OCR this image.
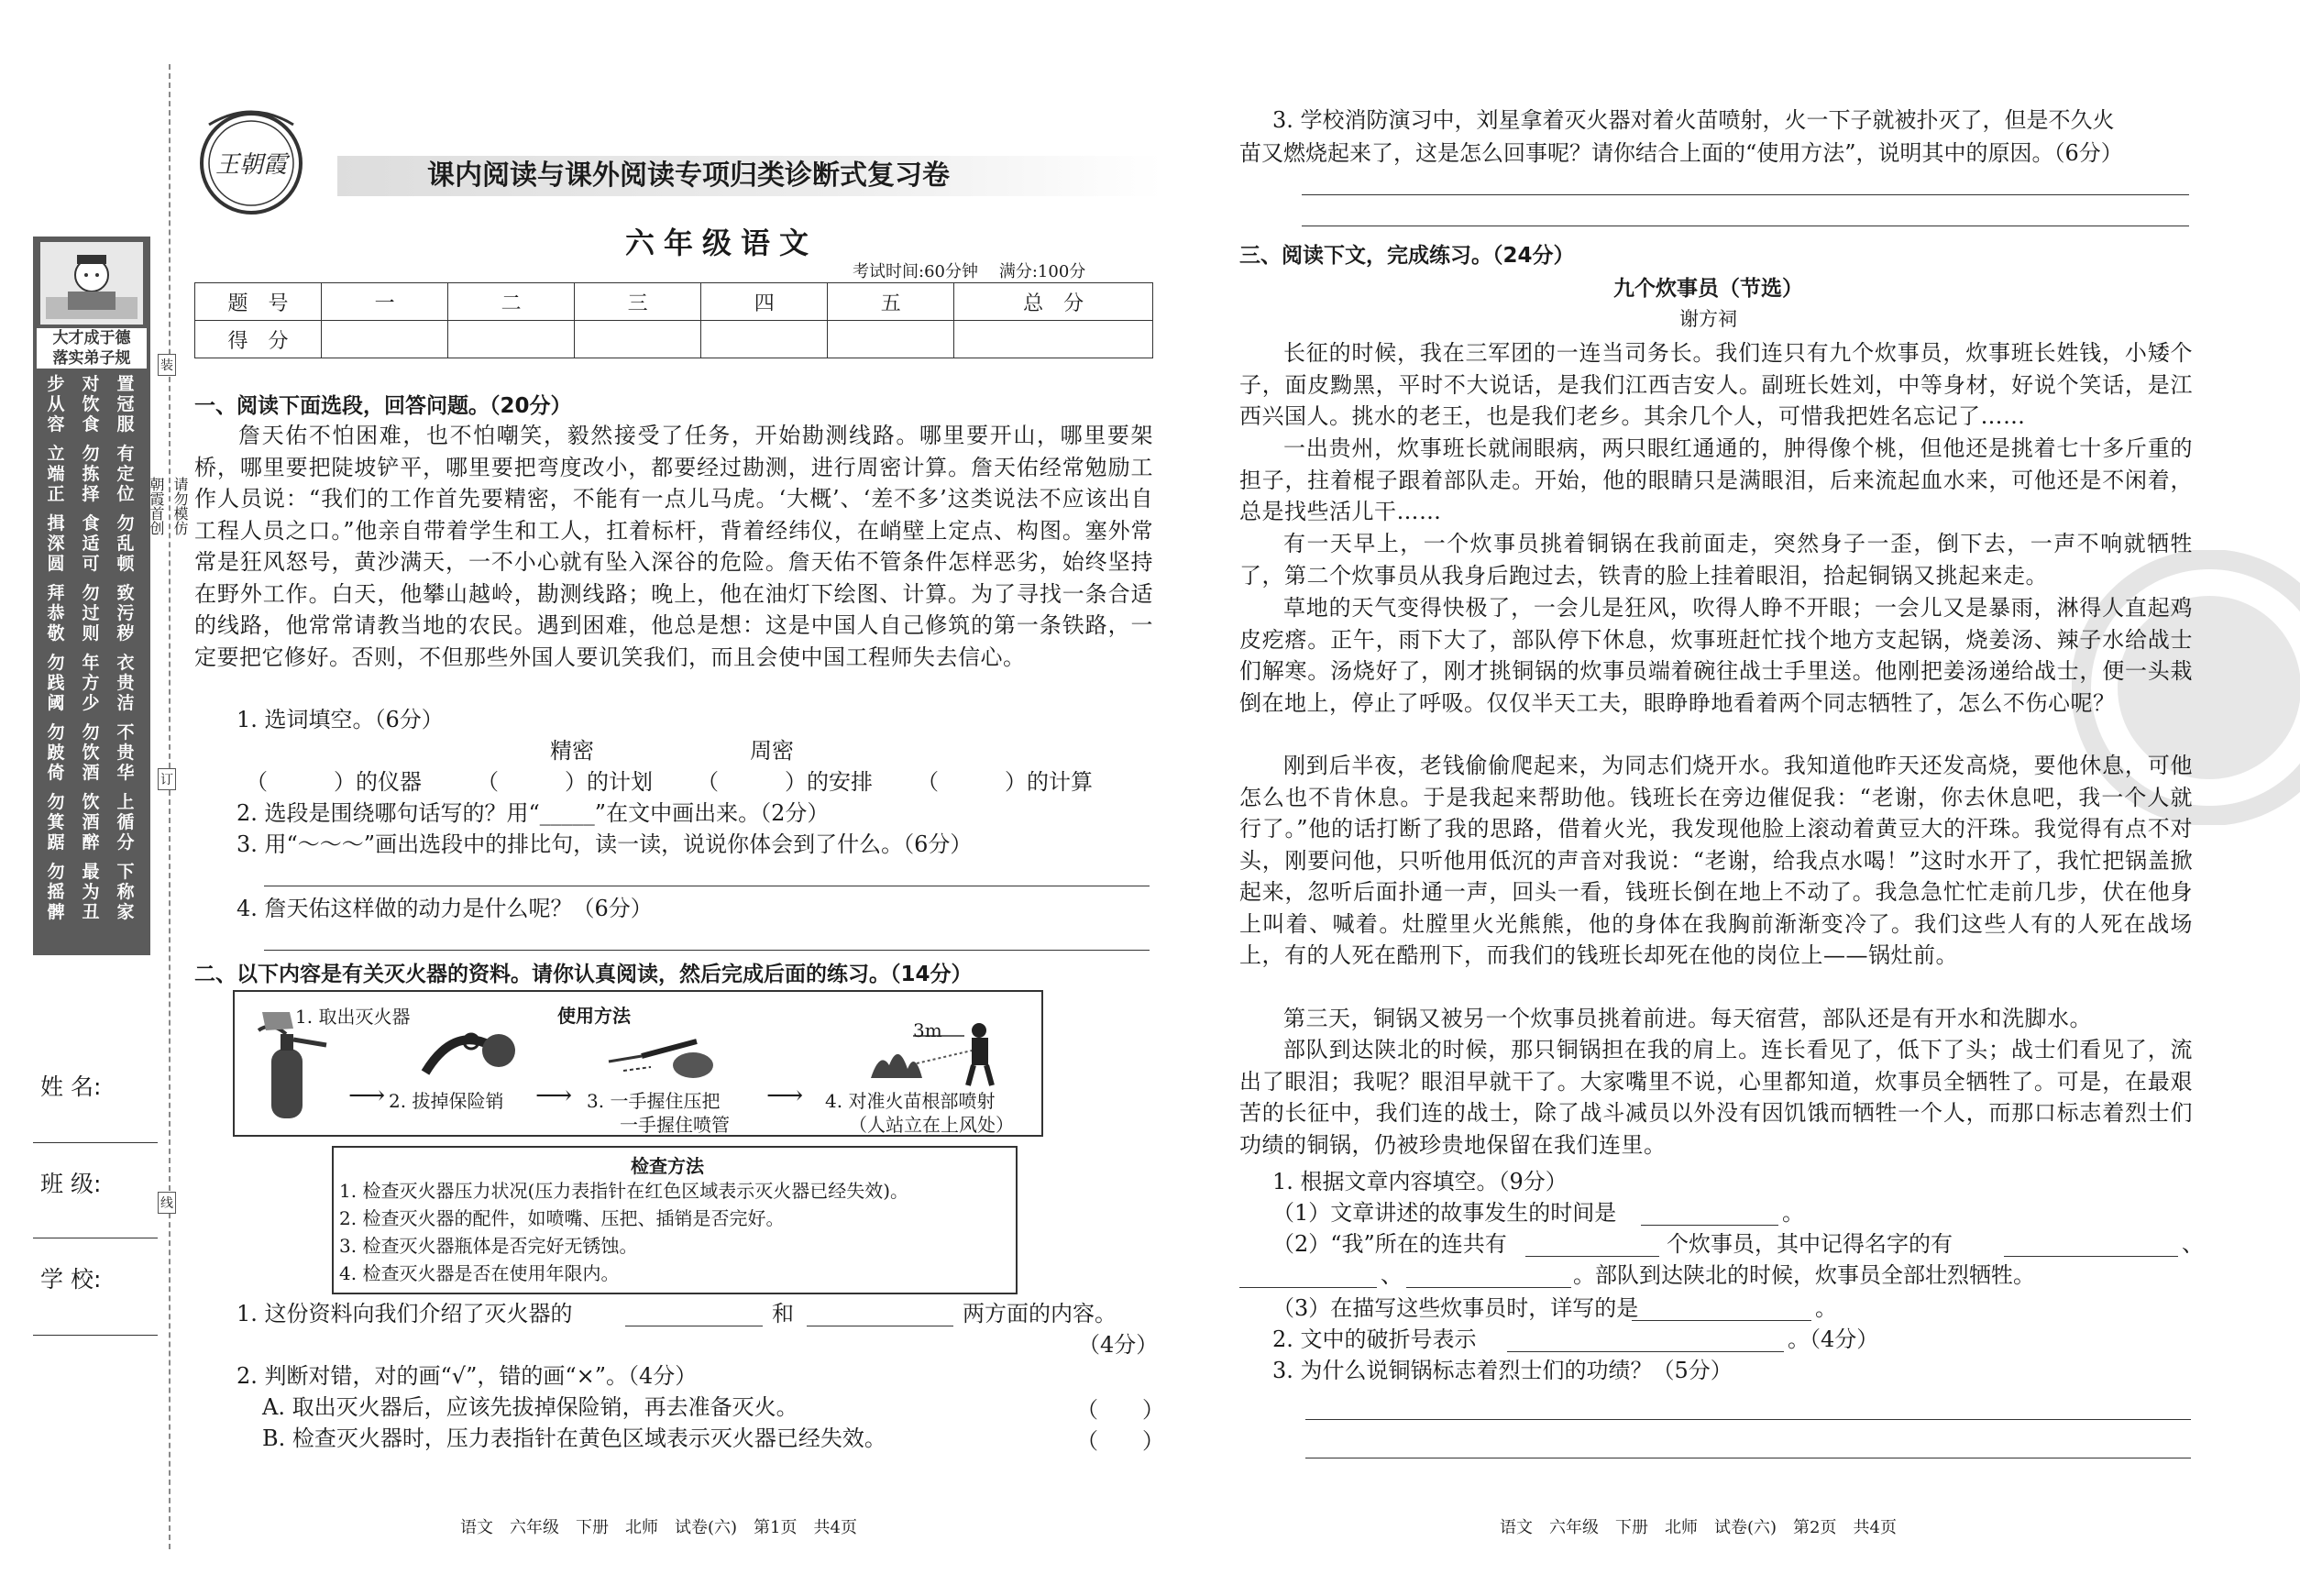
大才成于德
落实弟子规
步
从
容
对
饮
食
置
冠
服
立
端
正
勿
拣
择
有
定
位
揖
深
圆
食
适
可
勿
乱
顿
拜
恭
敬
勿
过
则
致
污
秽
勿
践
阈
年
方
少
衣
贵
洁
勿
跛
倚
勿
饮
酒
不
贵
华
勿
箕
踞
饮
酒
醉
上
循
分
勿
摇
髀
最
为
丑
下
称
家
朝霞首创 请勿模仿
装
订
线
姓 名:
班 级:
学 校:
王朝霞	课内阅读与课外阅读专项归类诊断式复习卷
六年级语文
考试时间:60分钟    满分:100分
题　号	一	二	三	四	五	总　分
得　分						
一、阅读下面选段，回答问题。（20分）
詹天佑不怕困难，也不怕嘲笑，毅然接受了任务，开始勘测线路。哪里要开山，哪里要架桥，哪里要把陡坡铲平，哪里要把弯度改小，都要经过勘测，进行周密计算。詹天佑经常勉励工作人员说：“我们的工作首先要精密，不能有一点儿马虎。‘大概’、‘差不多’这类说法不应该出自工程人员之口。”他亲自带着学生和工人，扛着标杆，背着经纬仪，在峭壁上定点、构图。塞外常常是狂风怒号，黄沙满天，一不小心就有坠入深谷的危险。詹天佑不管条件怎样恶劣，始终坚持在野外工作。白天，他攀山越岭，勘测线路；晚上，他在油灯下绘图、计算。为了寻找一条合适的线路，他常常请教当地的农民。遇到困难，他总是想：这是中国人自己修筑的第一条铁路，一定要把它修好。否则，不但那些外国人要讥笑我们，而且会使中国工程师失去信心。
1. 选词填空。（6分）
精密	周密
（　　　）的仪器	（　　　）的计划 （　　　）的安排 （　　　）的计算
2. 选段是围绕哪句话写的？用“_____”在文中画出来。（2分）
3. 用“～～～”画出选段中的排比句，读一读，说说你体会到了什么。（6分）
4. 詹天佑这样做的动力是什么呢？（6分）
二、以下内容是有关灭火器的资料。请你认真阅读，然后完成后面的练习。（14分）
使用方法
1. 取出灭火器
⟶ 2. 拔掉保险销 ⟶ 3. 一手握住压把
一手握住喷管
⟶
3m
4. 对准火苗根部喷射
（人站立在上风处）
检查方法
1. 检查灭火器压力状况(压力表指针在红色区域表示灭火器已经失效)。
2. 检查灭火器的配件，如喷嘴、压把、插销是否完好。
3. 检查灭火器瓶体是否完好无锈蚀。
4. 检查灭火器是否在使用年限内。
1. 这份资料向我们介绍了灭火器的	和	两方面的内容。
（4分）
2. 判断对错，对的画“√”，错的画“×”。（4分）
A. 取出灭火器后，应该先拔掉保险销，再去准备灭火。	（　　）
B. 检查灭火器时，压力表指针在黄色区域表示灭火器已经失效。	（　　）
语文　六年级　下册　北师　试卷(六)　第1页　共4页
3. 学校消防演习中，刘星拿着灭火器对着火苗喷射，火一下子就被扑灭了，但是不久火
苗又燃烧起来了，这是怎么回事呢？请你结合上面的“使用方法”，说明其中的原因。（6分）
三、阅读下文，完成练习。（24分）
九个炊事员（节选）
谢方祠
长征的时候，我在三军团的一连当司务长。我们连只有九个炊事员，炊事班长姓钱，小矮个子，面皮黝黑，平时不大说话，是我们江西吉安人。副班长姓刘，中等身材，好说个笑话，是江西兴国人。挑水的老王，也是我们老乡。其余几个人，可惜我把姓名忘记了……
一出贵州，炊事班长就闹眼病，两只眼红通通的，肿得像个桃，但他还是挑着七十多斤重的担子，拄着棍子跟着部队走。开始，他的眼睛只是满眼泪，后来流起血水来，可他还是不闲着，总是找些活儿干……
有一天早上，一个炊事员挑着铜锅在我前面走，突然身子一歪，倒下去，一声不响就牺牲了，第二个炊事员从我身后跑过去，铁青的脸上挂着眼泪，拾起铜锅又挑起来走。
草地的天气变得快极了，一会儿是狂风，吹得人睁不开眼；一会儿又是暴雨，淋得人直起鸡皮疙瘩。正午，雨下大了，部队停下休息，炊事班赶忙找个地方支起锅，烧姜汤、辣子水给战士们解寒。汤烧好了，刚才挑铜锅的炊事员端着碗往战士手里送。他刚把姜汤递给战士，便一头栽倒在地上，停止了呼吸。仅仅半天工夫，眼睁睁地看着两个同志牺牲了，怎么不伤心呢？
刚到后半夜，老钱偷偷爬起来，为同志们烧开水。我知道他昨天还发高烧，要他休息，可他怎么也不肯休息。于是我起来帮助他。钱班长在旁边催促我：“老谢，你去休息吧，我一个人就行了。”他的话打断了我的思路，借着火光，我发现他脸上滚动着黄豆大的汗珠。我觉得有点不对头，刚要问他，只听他用低沉的声音对我说：“老谢，给我点水喝！”这时水开了，我忙把锅盖掀起来，忽听后面扑通一声，回头一看，钱班长倒在地上不动了。我急急忙忙走前几步，伏在他身上叫着、喊着。灶膛里火光熊熊，他的身体在我胸前渐渐变冷了。我们这些人有的人死在战场上，有的人死在酷刑下，而我们的钱班长却死在他的岗位上——锅灶前。
第三天，铜锅又被另一个炊事员挑着前进。每天宿营，部队还是有开水和洗脚水。
部队到达陕北的时候，那只铜锅担在我的肩上。连长看见了，低下了头；战士们看见了，流出了眼泪；我呢？眼泪早就干了。大家嘴里不说，心里都知道，炊事员全牺牲了。可是，在最艰苦的长征中，我们连的战士，除了战斗减员以外没有因饥饿而牺牲一个人，而那口标志着烈士们功绩的铜锅，仍被珍贵地保留在我们连里。
1. 根据文章内容填空。（9分）
（1）文章讲述的故事发生的时间是	。
（2）“我”所在的连共有	个炊事员，其中记得名字的有	、
、	。部队到达陕北的时候，炊事员全部壮烈牺牲。
（3）在描写这些炊事员时，详写的是	。
2. 文中的破折号表示	。（4分）
3. 为什么说铜锅标志着烈士们的功绩？（5分）
语文　六年级　下册　北师　试卷(六)　第2页　共4页
